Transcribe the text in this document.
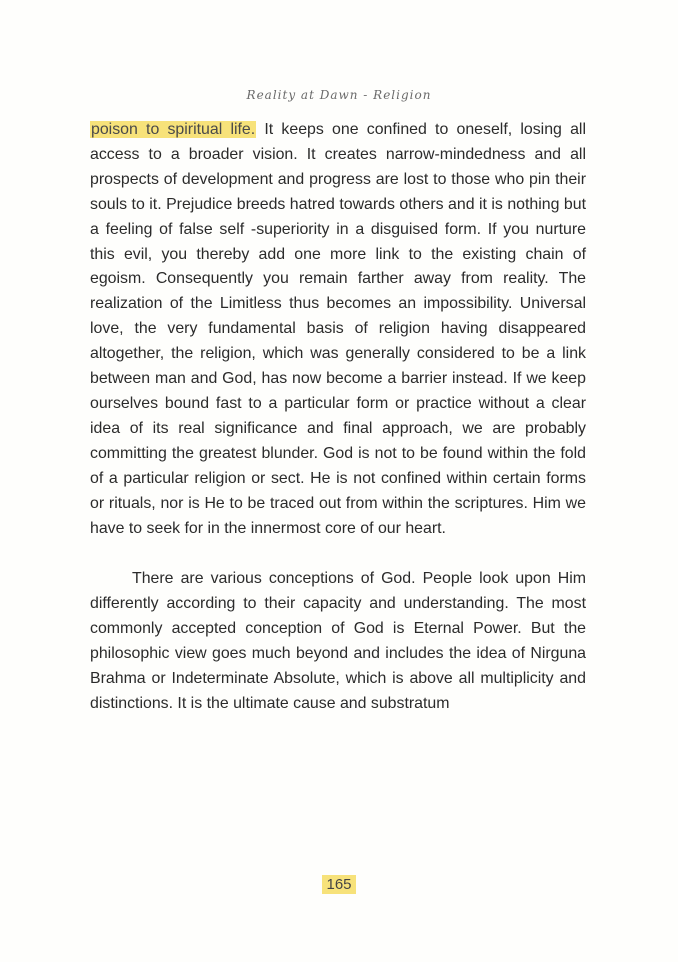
Reality at Dawn - Religion

poison to spiritual life. It keeps one confined to oneself, losing all access to a broader vision. It creates narrow-mindedness and all prospects of development and progress are lost to those who pin their souls to it. Prejudice breeds hatred towards others and it is nothing but a feeling of false self -superiority in a disguised form. If you nurture this evil, you thereby add one more link to the existing chain of egoism. Consequently you remain farther away from reality. The realization of the Limitless thus becomes an impossibility. Universal love, the very fundamental basis of religion having disappeared altogether, the religion, which was generally considered to be a link between man and God, has now become a barrier instead. If we keep ourselves bound fast to a particular form or practice without a clear idea of its real significance and final approach, we are probably committing the greatest blunder. God is not to be found within the fold of a particular religion or sect. He is not confined within certain forms or rituals, nor is He to be traced out from within the scriptures. Him we have to seek for in the innermost core of our heart.

There are various conceptions of God. People look upon Him differently according to their capacity and understanding. The most commonly accepted conception of God is Eternal Power. But the philosophic view goes much beyond and includes the idea of Nirguna Brahma or Indeterminate Absolute, which is above all multiplicity and distinctions. It is the ultimate cause and substratum

165
